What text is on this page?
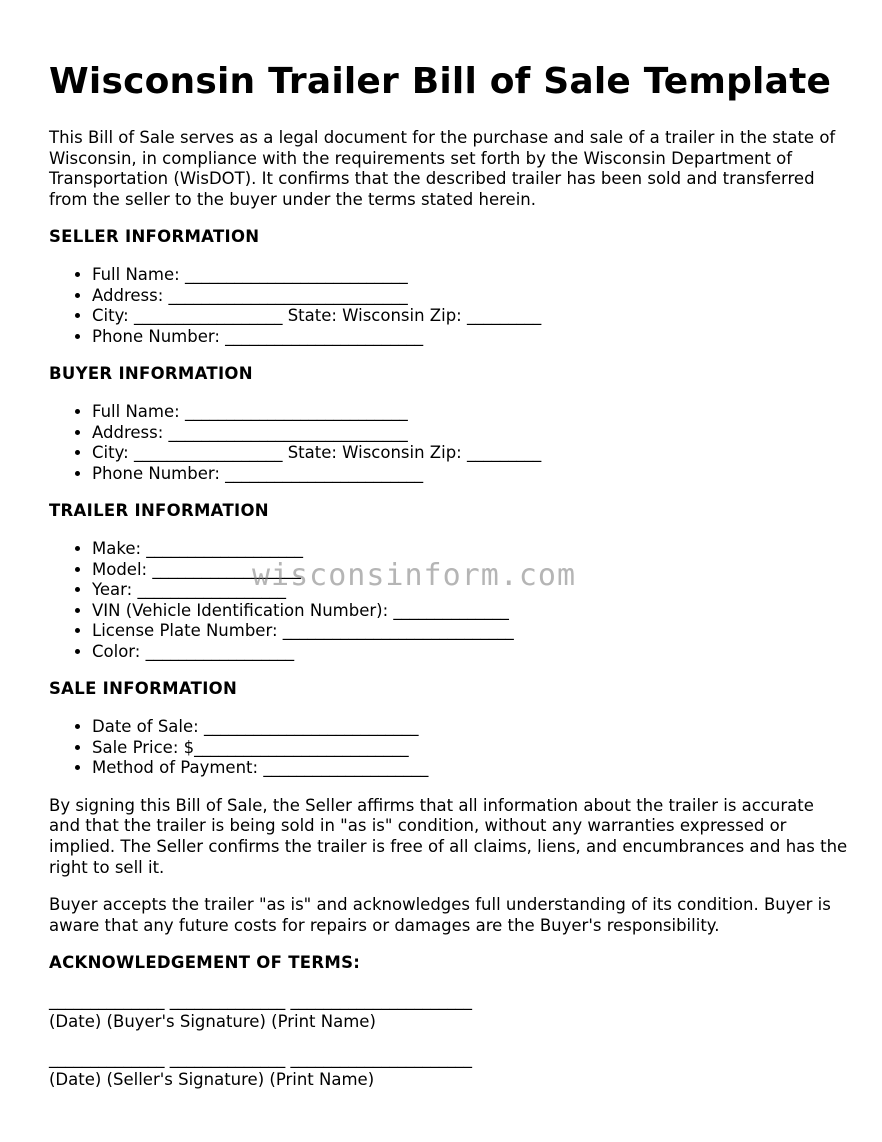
Wisconsin Trailer Bill of Sale Template

This Bill of Sale serves as a legal document for the purchase and sale of a trailer in the state of Wisconsin, in compliance with the requirements set forth by the Wisconsin Department of Transportation (WisDOT). It confirms that the described trailer has been sold and transferred from the seller to the buyer under the terms stated herein.

SELLER INFORMATION
• Full Name: ___________________________
• Address: _____________________________
• City: __________________ State: Wisconsin Zip: _________
• Phone Number: ________________________
BUYER INFORMATION
• Full Name: ___________________________
• Address: _____________________________
• City: __________________ State: Wisconsin Zip: _________
• Phone Number: ________________________
TRAILER INFORMATION
• Make: ___________________
• Model: __________________
• Year: __________________
• VIN (Vehicle Identification Number): ______________
• License Plate Number: ____________________________
• Color: __________________
SALE INFORMATION
• Date of Sale: __________________________
• Sale Price: $__________________________
• Method of Payment: ____________________

By signing this Bill of Sale, the Seller affirms that all information about the trailer is accurate and that the trailer is being sold in "as is" condition, without any warranties expressed or implied. The Seller confirms the trailer is free of all claims, liens, and encumbrances and has the right to sell it.

Buyer accepts the trailer "as is" and acknowledges full understanding of its condition. Buyer is aware that any future costs for repairs or damages are the Buyer's responsibility.

ACKNOWLEDGEMENT OF TERMS:

______________ ______________ ______________________

(Date) (Buyer's Signature) (Print Name)

______________ ______________ ______________________

(Date) (Seller's Signature) (Print Name)

wisconsinform.com
